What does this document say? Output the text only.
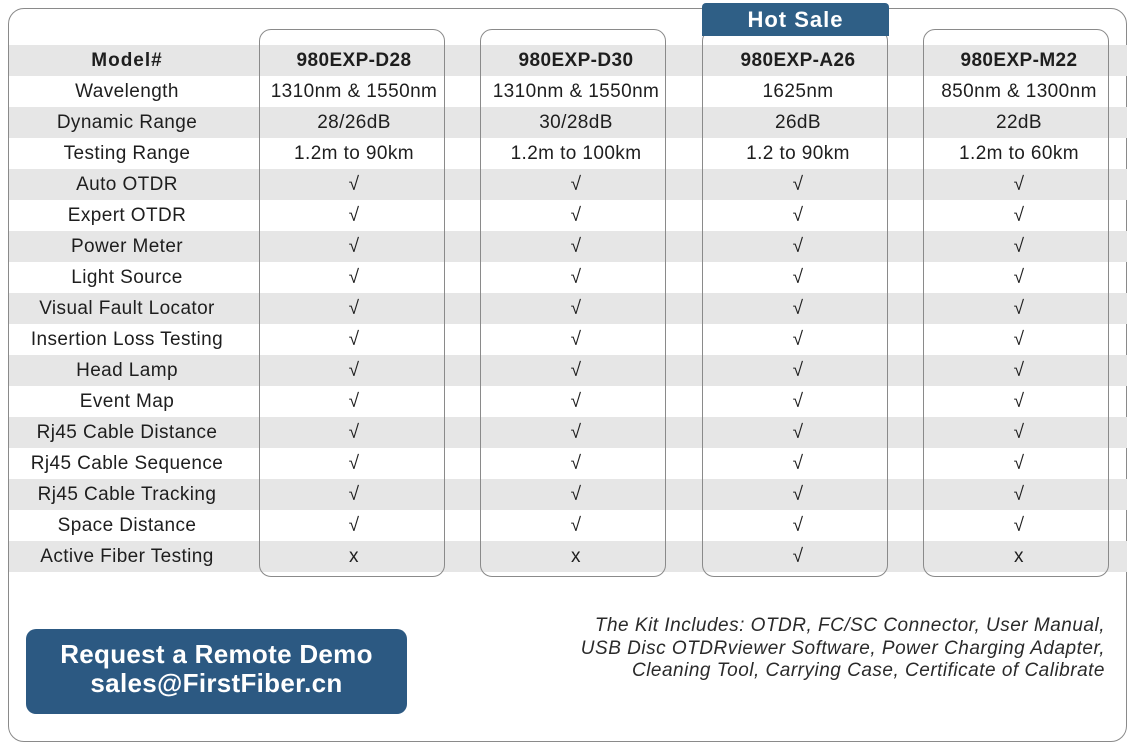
Model#	980EXP-D28	980EXP-D30	980EXP-A26	980EXP-M22
Wavelength	1310nm & 1550nm	1310nm & 1550nm	1625nm	850nm & 1300nm
Dynamic Range	28/26dB	30/28dB	26dB	22dB
Testing Range	1.2m to 90km	1.2m to 100km	1.2 to 90km	1.2m to 60km
Auto OTDR	√	√	√	√
Expert OTDR	√	√	√	√
Power Meter	√	√	√	√
Light Source	√	√	√	√
Visual Fault Locator	√	√	√	√
Insertion Loss Testing	√	√	√	√
Head Lamp	√	√	√	√
Event Map	√	√	√	√
Rj45 Cable Distance	√	√	√	√
Rj45 Cable Sequence	√	√	√	√
Rj45 Cable Tracking	√	√	√	√
Space Distance	√	√	√	√
Active Fiber Testing	x	x	√	x
Hot Sale
Request a Remote Demo
sales@FirstFiber.cn
The Kit Includes: OTDR, FC/SC Connector, User Manual,
USB Disc OTDRviewer Software, Power Charging Adapter,
Cleaning Tool, Carrying Case, Certificate of Calibrate
